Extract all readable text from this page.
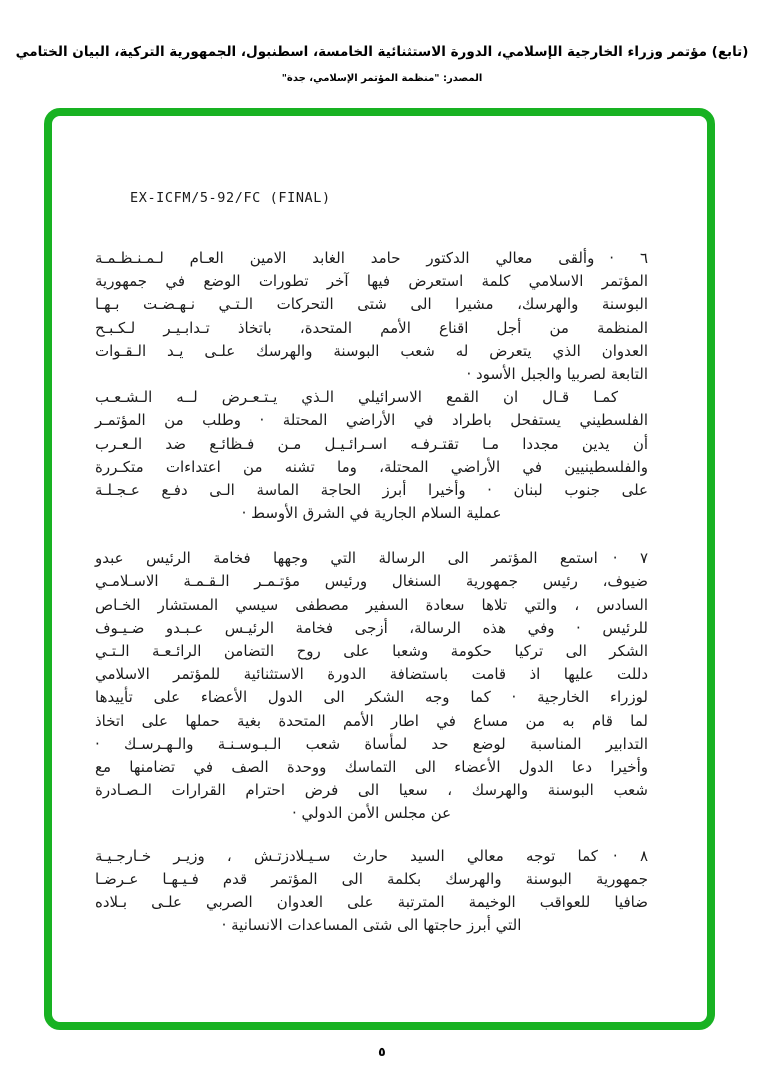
(تابع) مؤتمر وزراء الخارجية الإسلامي، الدورة الاستثنائية الخامسة، اسطنبول، الجمهورية التركية، البيان الختامي
المصدر: "منظمة المؤتمر الإسلامي، جدة"
EX-ICFM/5-92/FC (FINAL)
٦ · وألقى معالي الدكتور حامد الغابد الامين العـام لـمـنـظـمـة
المؤتمر الاسلامي كلمة استعرض فيها آخر تطورات الوضع في جمهورية
البوسنة والهرسك، مشيرا الى شتى التحركات الـتـي نـهـضـت بـهـا
المنظمة من أجل اقناع الأمم المتحدة، باتخاذ تـدابـيـر لـكـبـح
العدوان الذي يتعرض له شعب البوسنة والهرسك علـى يـد الـقـوات
التابعة لصربيا والجبل الأسود ·
كمـا قـال ان القمع الاسرائيلي الـذي يـتـعـرض لــه الـشـعـب
الفلسطيني يستفحل باطراد في الأراضي المحتلة · وطلب من المؤتمـر
أن يدين مجددا مـا تقتـرفـه اسـرائـيـل مـن فـظائـع ضد الـعـرب
والفلسطينيين في الأراضي المحتلة، وما تشنه من اعتداءات متكـررة
على جنوب لبنان · وأخيرا أبرز الحاجة الماسة الـى دفـع عـجـلـة
عملية السلام الجارية في الشرق الأوسط ·
٧ · استمع المؤتمر الى الرسالة التي وجهها فخامة الرئيس عبدو
ضيوف، رئيس جمهورية السنغال ورئيس مؤتـمـر الـقـمـة الاسـلامـي
السادس ، والتي تلاها سعادة السفير مصطفى سيسي المستشار الخـاص
للرئيس · وفي هذه الرسالة، أزجى فخامة الرئيـس عـبـدو ضـيـوف
الشكر الى تركيا حكومة وشعبا على روح التضامن الرائـعـة الـتـي
دللت عليها اذ قامت باستضافة الدورة الاستثنائية للمؤتمر الاسلامي
لوزراء الخارجية · كما وجه الشكر الى الدول الأعضاء على تأييدها
لما قام به من مساع في اطار الأمم المتحدة بغية حملها على اتخاذ
التدابير المناسبة لوضع حد لمأساة شعب الـبـوسـنـة والـهـرسـك ·
وأخيرا دعا الدول الأعضاء الى التماسك ووحدة الصف في تضامنها مع
شعب البوسنة والهرسك ، سعيا الى فرض احترام القرارات الـصـادرة
عن مجلس الأمن الدولي ·
٨ · كما توجه معالي السيد حارث سـيـلادزتـش ، وزيـر خـارجـيـة
جمهورية البوسنة والهرسك بكلمة الى المؤتمر قدم فـيـهـا عـرضـا
ضافيا للعواقب الوخيمة المترتبة على العدوان الصربي علـى بـلاده
التي أبرز حاجتها الى شتى المساعدات الانسانية ·
٥
